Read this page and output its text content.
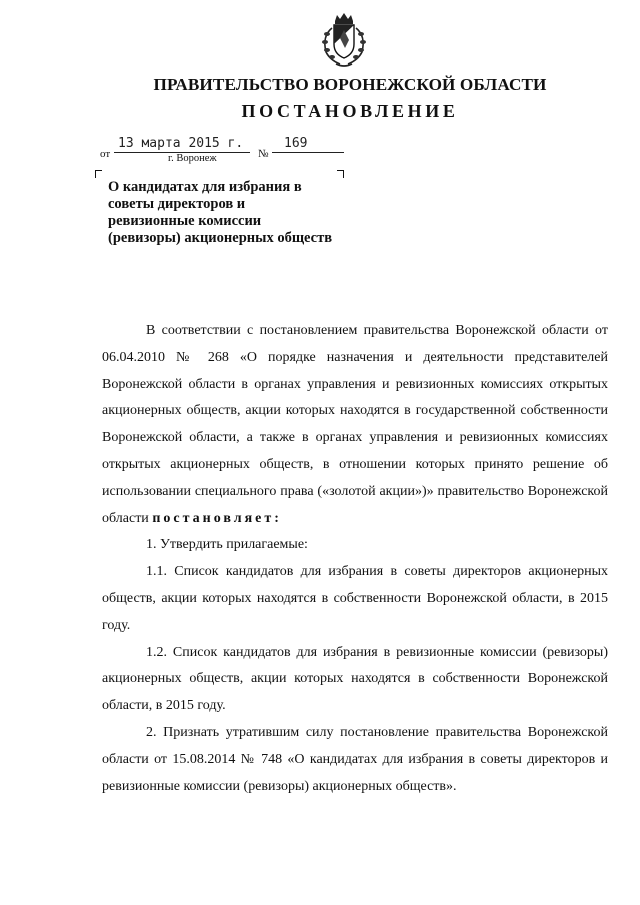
ПРАВИТЕЛЬСТВО ВОРОНЕЖСКОЙ ОБЛАСТИ
ПОСТАНОВЛЕНИЕ
от
13 марта 2015 г.
№
169
г. Воронеж
О кандидатах для избрания в
советы директоров и
ревизионные комиссии
(ревизоры) акционерных обществ

В соответствии с постановлением правительства Воронежской области от 06.04.2010 № 268 «О порядке назначения и деятельности представителей Воронежской области в органах управления и ревизионных комиссиях открытых акционерных обществ, акции которых находятся в государственной собственности Воронежской области, а также в органах управления и ревизионных комиссиях открытых акционерных обществ, в отношении которых принято решение об использовании специального права («золотой акции»)» правительство Воронежской области постановляет:

1. Утвердить прилагаемые:

1.1. Список кандидатов для избрания в советы директоров акционерных обществ, акции которых находятся в собственности Воронежской области, в 2015 году.

1.2. Список кандидатов для избрания в ревизионные комиссии (ревизоры) акционерных обществ, акции которых находятся в собственности Воронежской области, в 2015 году.

2. Признать утратившим силу постановление правительства Воронежской области от 15.08.2014 № 748 «О кандидатах для избрания в советы директоров и ревизионные комиссии (ревизоры) акционерных обществ».
